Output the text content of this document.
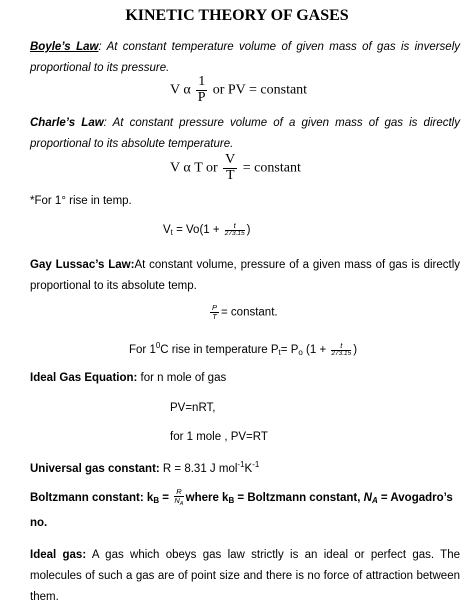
KINETIC THEORY OF GASES
Boyle’s Law: At constant temperature volume of given mass of gas is inversely proportional to its pressure.
V α $\frac{1}{P}$ or PV = constant
Charle’s Law: At constant pressure volume of a given mass of gas is directly proportional to its absolute temperature.
V α T or $\frac{V}{T}$ = constant
*For 1° rise in temp.
$V_t = Vo(1 + \frac{t}{273.15}$ )
Gay Lussac’s Law:At constant volume, pressure of a given mass of gas is directly proportional to its absolute temp.
$\frac{P}{T}$ = constant.
For $1^0C$ rise in temperature $P_t= P_o$ ($1 + \frac{t}{273.15}$ )
Ideal Gas Equation: for n mole of gas
PV=nRT,
for 1 mole , PV=RT
Universal gas constant: R = 8.31 J $mol^{-1}K^{-1}$
Boltzmann constant: $k_B = \frac{R}{N_A}$ where $k_B$ = Boltzmann constant, $N_A$ = Avogadro’s
no.
Ideal gas: A gas which obeys gas law strictly is an ideal or perfect gas. The molecules of such a gas are of point size and there is no force of attraction between them.
